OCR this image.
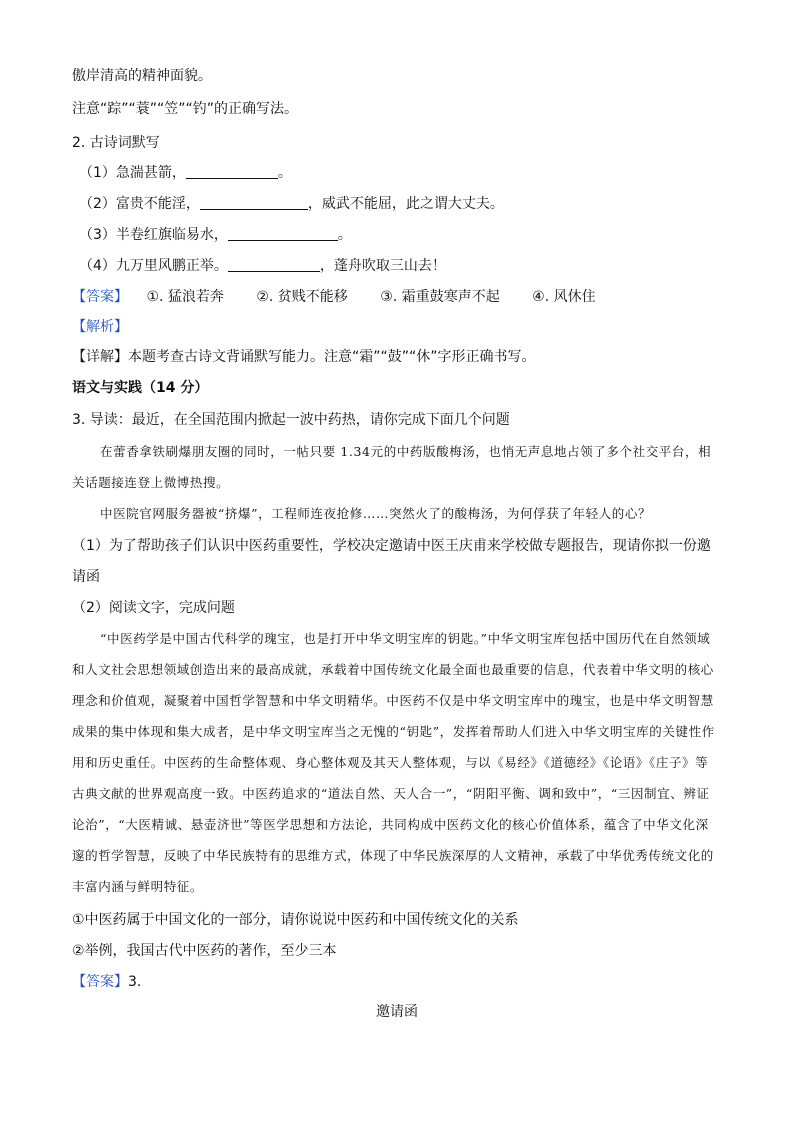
傲岸清高的精神面貌。
注意“踪”“蓑”“笠”“钓”的正确写法。
2. 古诗词默写
（1）急湍甚箭，	。
（2）富贵不能淫，	，威武不能屈，此之谓大丈夫。
（3）半卷红旗临易水，	。
（4）九万里风鹏正举。	，蓬舟吹取三山去！
【答案】 ①. 猛浪若奔 ②. 贫贱不能移 ③. 霜重鼓寒声不起 ④. 风休住
【解析】
【详解】本题考查古诗文背诵默写能力。注意“霜”“鼓”“休”字形正确书写。
语文与实践（14 分）
3. 导读：最近，在全国范围内掀起一波中药热，请你完成下面几个问题
在蕾香拿铁刷爆朋友圈的同时，一帖只要 1.34元的中药版酸梅汤，也悄无声息地占领了多个社交平台，相关话题接连登上微博热搜。
中医院官网服务器被“挤爆”，工程师连夜抢修……突然火了的酸梅汤，为何俘获了年轻人的心？
（1）为了帮助孩子们认识中医药重要性，学校决定邀请中医王庆甫来学校做专题报告，现请你拟一份邀
请函
（2）阅读文字，完成问题
“中医药学是中国古代科学的瑰宝，也是打开中华文明宝库的钥匙。”中华文明宝库包括中国历代在自然领域和人文社会思想领域创造出来的最高成就，承载着中国传统文化最全面也最重要的信息，代表着中华文明的核心理念和价值观，凝聚着中国哲学智慧和中华文明精华。中医药不仅是中华文明宝库中的瑰宝，也是中华文明智慧成果的集中体现和集大成者，是中华文明宝库当之无愧的“钥匙”，发挥着帮助人们进入中华文明宝库的关键性作用和历史重任。中医药的生命整体观、身心整体观及其天人整体观，与以《易经》《道德经》《论语》《庄子》等古典文献的世界观高度一致。中医药追求的“道法自然、天人合一”，“阴阳平衡、调和致中”，“三因制宜、辨证论治”，“大医精诚、悬壶济世”等医学思想和方法论，共同构成中医药文化的核心价值体系，蕴含了中华文化深邃的哲学智慧，反映了中华民族特有的思维方式，体现了中华民族深厚的人文精神，承载了中华优秀传统文化的丰富内涵与鲜明特征。
①中医药属于中国文化的一部分，请你说说中医药和中国传统文化的关系
②举例，我国古代中医药的著作，至少三本
【答案】3.
邀请函
